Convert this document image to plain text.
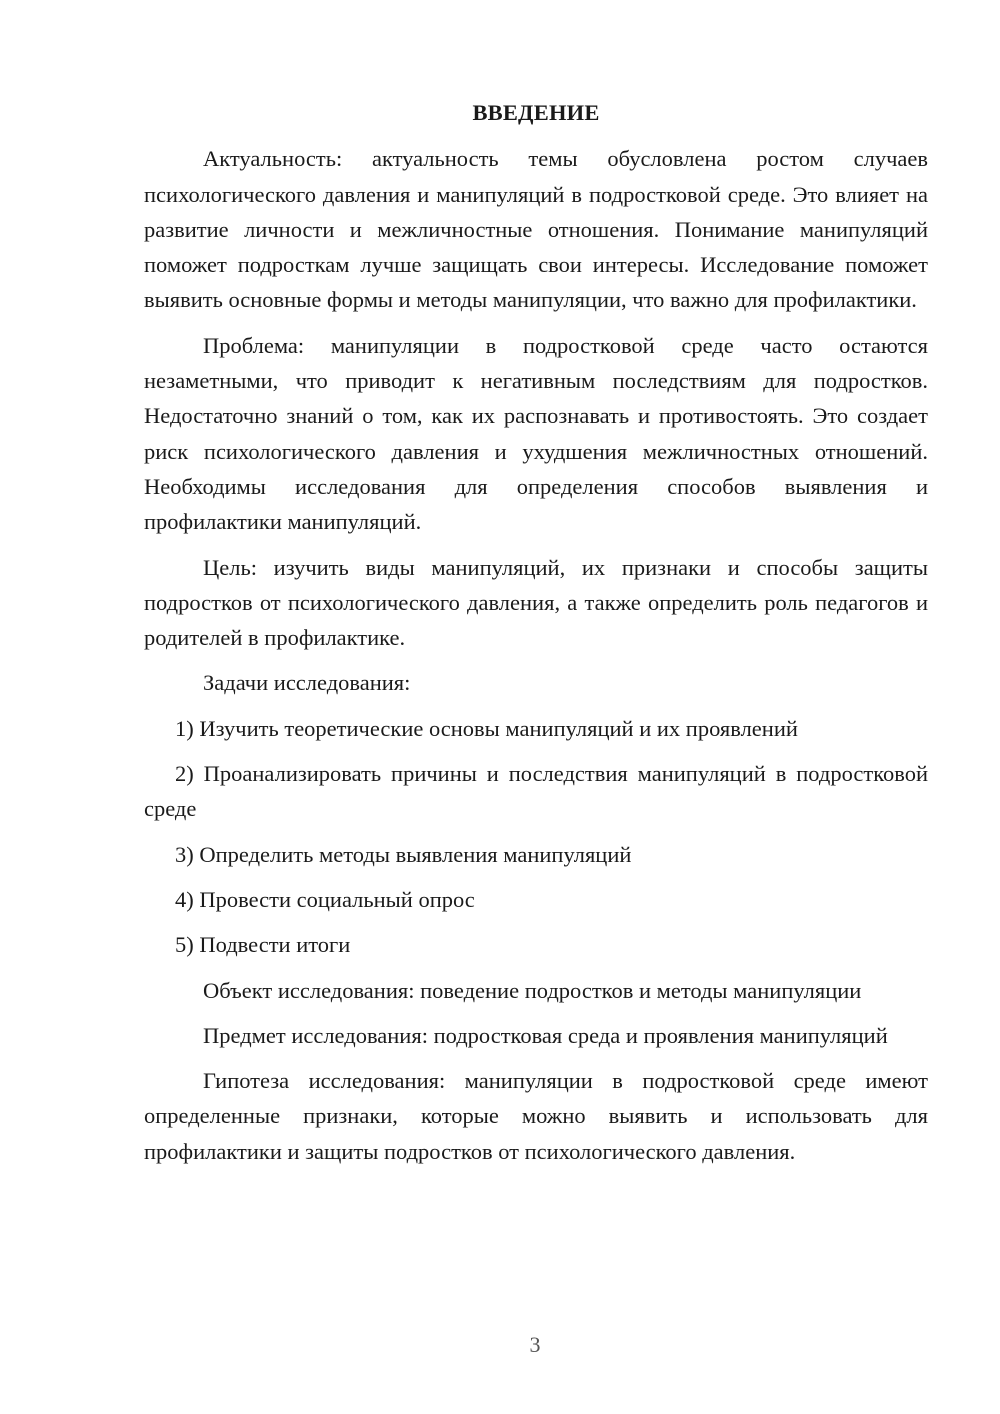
ВВЕДЕНИЕ

Актуальность: актуальность темы обусловлена ростом случаев психологического давления и манипуляций в подростковой среде. Это влияет на развитие личности и межличностные отношения. Понимание манипуляций поможет подросткам лучше защищать свои интересы. Исследование поможет выявить основные формы и методы манипуляции, что важно для профилактики.

Проблема: манипуляции в подростковой среде часто остаются незаметными, что приводит к негативным последствиям для подростков. Недостаточно знаний о том, как их распознавать и противостоять. Это создает риск психологического давления и ухудшения межличностных отношений. Необходимы исследования для определения способов выявления и профилактики манипуляций.

Цель: изучить виды манипуляций, их признаки и способы защиты подростков от психологического давления, а также определить роль педагогов и родителей в профилактике.

Задачи исследования:

1) Изучить теоретические основы манипуляций и их проявлений

2) Проанализировать причины и последствия манипуляций в подростковой среде

3) Определить методы выявления манипуляций

4) Провести социальный опрос

5) Подвести итоги

Объект исследования: поведение подростков и методы манипуляции

Предмет исследования: подростковая среда и проявления манипуляций

Гипотеза исследования: манипуляции в подростковой среде имеют определенные признаки, которые можно выявить и использовать для профилактики и защиты подростков от психологического давления.

3
